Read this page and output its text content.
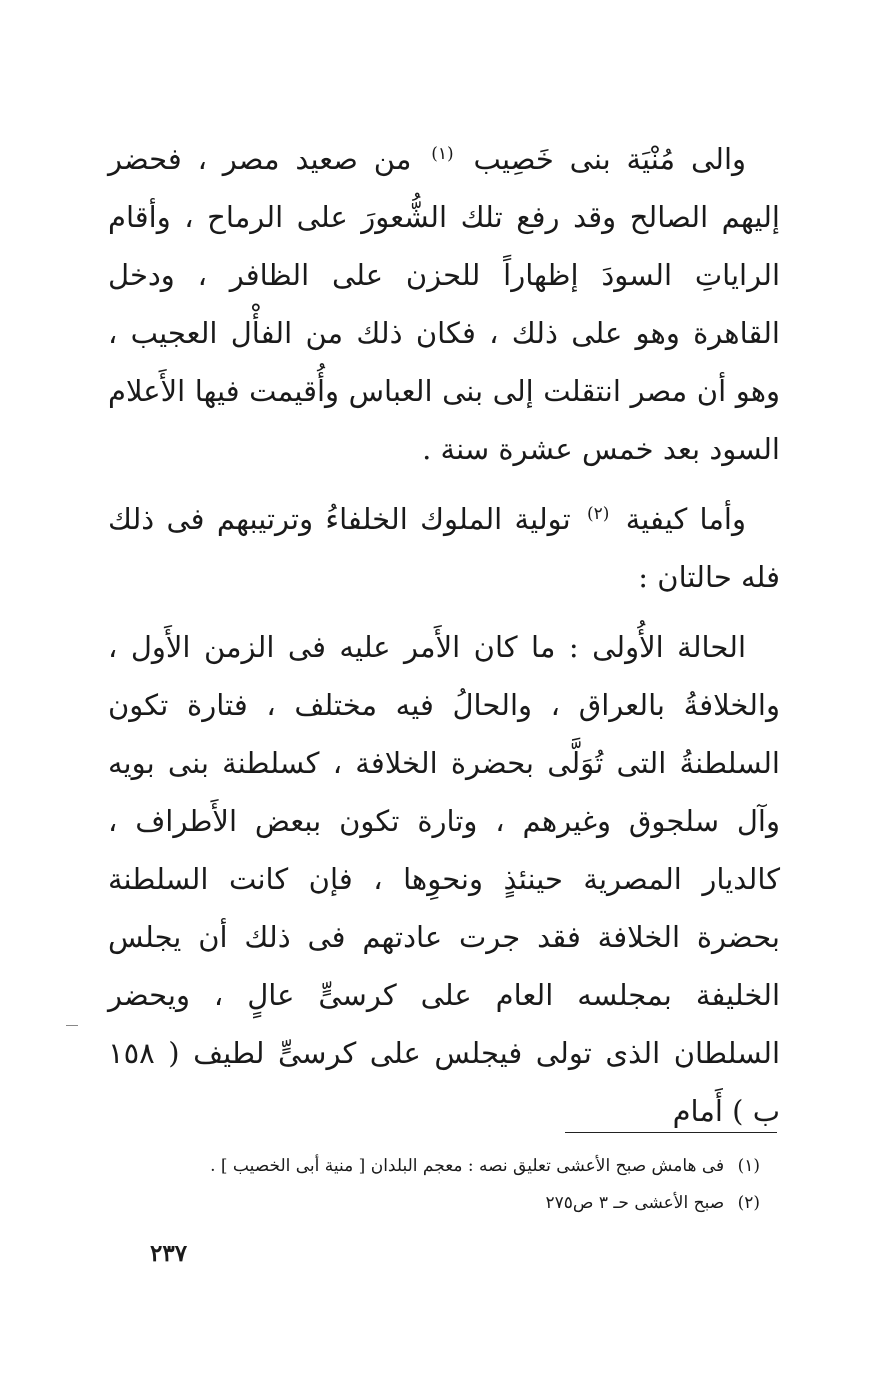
والى مُنْيَة بنى خَصِيب $^{(١)}$ من صعيد مصر ، فحضر إليهم الصالح وقد رفع تلك الشُّعورَ على الرماح ، وأقام الراياتِ السودَ إظهاراً للحزن على الظافر ، ودخل القاهرة وهو على ذلك ، فكان ذلك من الفأْل العجيب ، وهو أن مصر انتقلت إلى بنى العباس وأُقيمت فيها الأَعلام السود بعد خمس عشرة سنة .

وأما كيفية $^{(٢)}$ تولية الملوك الخلفاءُ وترتيبهم فى ذلك فله حالتان :

الحالة الأُولى : ما كان الأَمر عليه فى الزمن الأَول ، والخلافةُ بالعراق ، والحالُ فيه مختلف ، فتارة تكون السلطنةُ التى تُوَلَّى بحضرة الخلافة ، كسلطنة بنى بويه وآل سلجوق وغيرهم ، وتارة تكون ببعض الأَطراف ، كالديار المصرية حينئذٍ ونحوِها ، فإن كانت السلطنة بحضرة الخلافة فقد جرت عادتهم فى ذلك أن يجلس الخليفة بمجلسه العام على كرسىٍّ عالٍ ، ويحضر السلطان الذى تولى فيجلس على كرسىٍّ لطيف ( ١٥٨ ب ) أَمام

(١) فى هامش صبح الأعشى تعليق نصه : معجم البلدان [ منية أبى الخصيب ] .

(٢) صبح الأعشى حـ ٣ ص٢٧٥

٢٣٧
